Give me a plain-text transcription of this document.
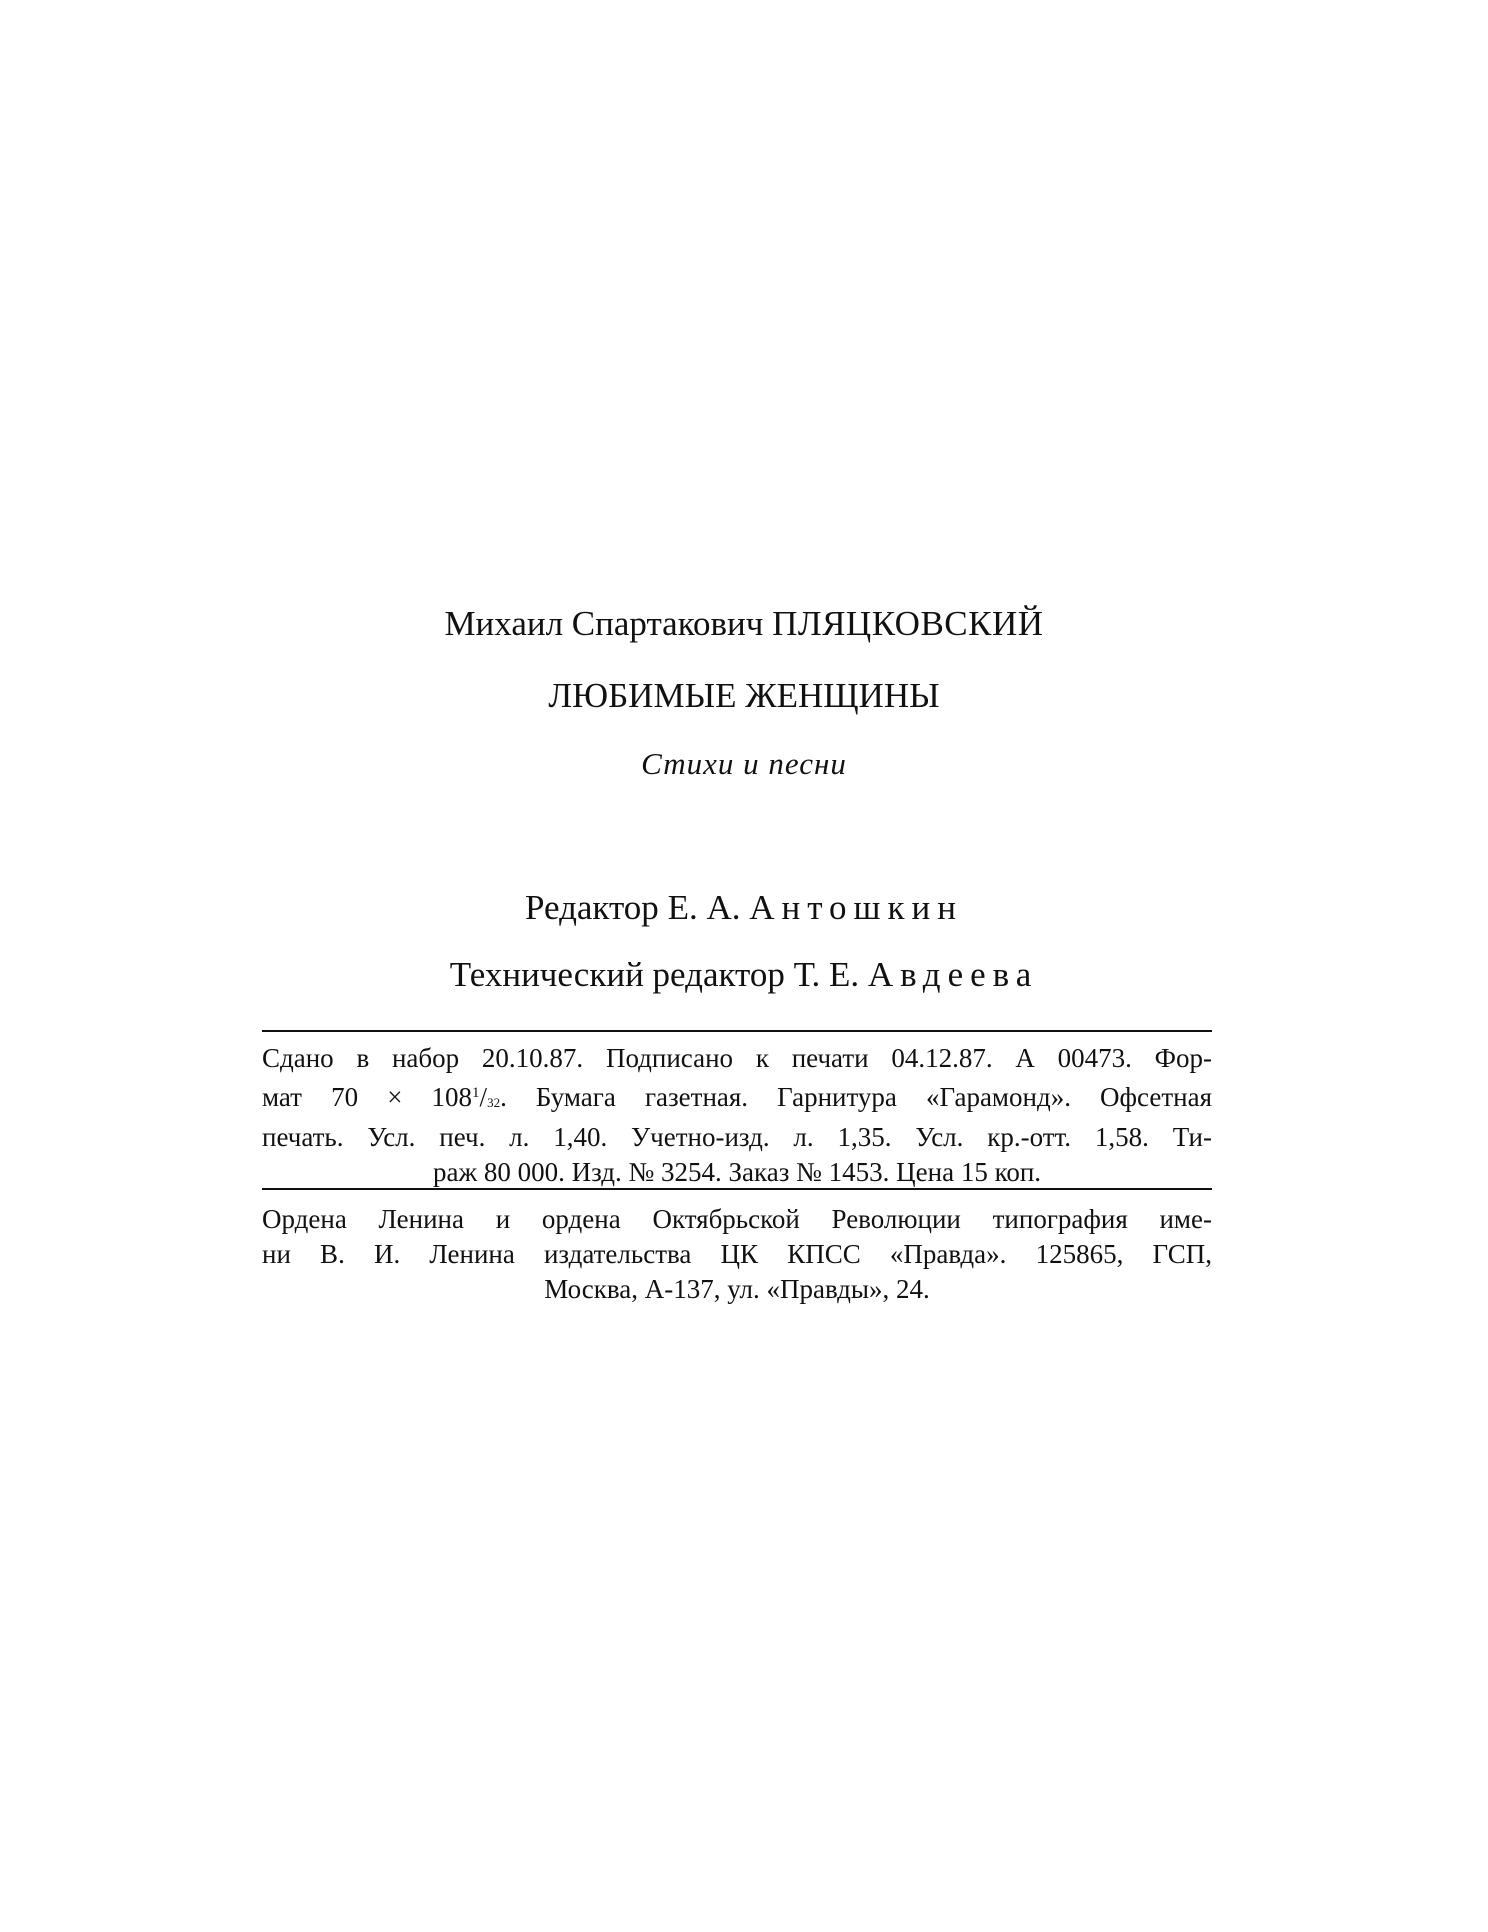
Михаил Спартакович ПЛЯЦКОВСКИЙ
ЛЮБИМЫЕ ЖЕНЩИНЫ
Стихи и песни
Редактор Е. А. Антошкин
Технический редактор Т. Е. Авдеева
Сдано в набор 20.10.87. Подписано к печати 04.12.87. А 00473. Фор-
мат $70 \times 108^1/_{32}$. Бумага газетная. Гарнитура «Гарамонд». Офсетная
печать. Усл. печ. л. 1,40. Учетно-изд. л. 1,35. Усл. кр.-отт. 1,58. Ти-
раж 80 000. Изд. № 3254. Заказ № 1453. Цена 15 коп.
Ордена Ленина и ордена Октябрьской Революции типография име-
ни В. И. Ленина издательства ЦК КПСС «Правда». 125865, ГСП,
Москва, А-137, ул. «Правды», 24.
